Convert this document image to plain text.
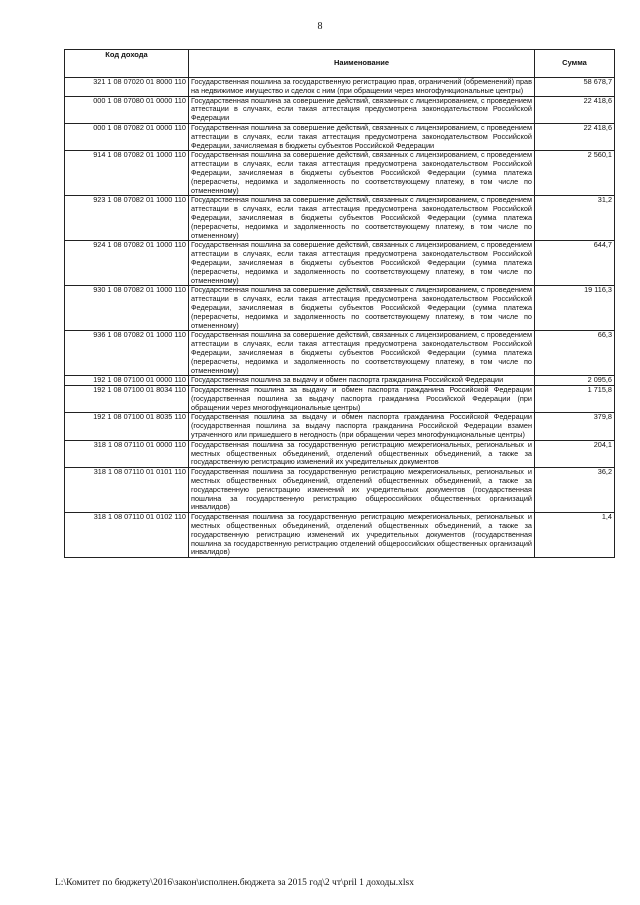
8
Код дохода	Наименование	Сумма
321 1 08 07020 01 8000 110	Государственная пошлина за государственную регистрацию прав, ограничений (обременений) прав на недвижимое имущество и сделок с ним (при обращении через многофункциональные центры)	58 678,7
000 1 08 07080 01 0000 110	Государственная пошлина за совершение действий, связанных с лицензированием, с проведением аттестации в случаях, если такая аттестация предусмотрена законодательством Российской Федерации	22 418,6
000 1 08 07082 01 0000 110	Государственная пошлина за совершение действий, связанных с лицензированием, с проведением аттестации в случаях, если такая аттестация предусмотрена законодательством Российской Федерации, зачисляемая в бюджеты субъектов Российской Федерации	22 418,6
914 1 08 07082 01 1000 110	Государственная пошлина за совершение действий, связанных с лицензированием, с проведением аттестации в случаях, если такая аттестация предусмотрена законодательством Российской Федерации, зачисляемая в бюджеты субъектов Российской Федерации (сумма платежа (перерасчеты, недоимка и задолженность по соответствующему платежу, в том числе по отмененному)	2 560,1
923 1 08 07082 01 1000 110	Государственная пошлина за совершение действий, связанных с лицензированием, с проведением аттестации в случаях, если такая аттестация предусмотрена законодательством Российской Федерации, зачисляемая в бюджеты субъектов Российской Федерации (сумма платежа (перерасчеты, недоимка и задолженность по соответствующему платежу, в том числе по отмененному)	31,2
924 1 08 07082 01 1000 110	Государственная пошлина за совершение действий, связанных с лицензированием, с проведением аттестации в случаях, если такая аттестация предусмотрена законодательством Российской Федерации, зачисляемая в бюджеты субъектов Российской Федерации (сумма платежа (перерасчеты, недоимка и задолженность по соответствующему платежу, в том числе по отмененному)	644,7
930 1 08 07082 01 1000 110	Государственная пошлина за совершение действий, связанных с лицензированием, с проведением аттестации в случаях, если такая аттестация предусмотрена законодательством Российской Федерации, зачисляемая в бюджеты субъектов Российской Федерации (сумма платежа (перерасчеты, недоимка и задолженность по соответствующему платежу, в том числе по отмененному)	19 116,3
936 1 08 07082 01 1000 110	Государственная пошлина за совершение действий, связанных с лицензированием, с проведением аттестации в случаях, если такая аттестация предусмотрена законодательством Российской Федерации, зачисляемая в бюджеты субъектов Российской Федерации (сумма платежа (перерасчеты, недоимка и задолженность по соответствующему платежу, в том числе по отмененному)	66,3
192 1 08 07100 01 0000 110	Государственная пошлина за выдачу и обмен паспорта гражданина Российской Федерации	2 095,6
192 1 08 07100 01 8034 110	Государственная пошлина за выдачу и обмен паспорта гражданина Российской Федерации (государственная пошлина за выдачу паспорта гражданина Российской Федерации (при обращении через многофункциональные центры)	1 715,8
192 1 08 07100 01 8035 110	Государственная пошлина за выдачу и обмен паспорта гражданина Российской Федерации (государственная пошлина за выдачу паспорта гражданина Российской Федерации взамен утраченного или пришедшего в негодность (при обращении через многофункциональные центры)	379,8
318 1 08 07110 01 0000 110	Государственная пошлина за государственную регистрацию межрегиональных, региональных и местных общественных объединений, отделений общественных объединений, а также за государственную регистрацию изменений их учредительных документов	204,1
318 1 08 07110 01 0101 110	Государственная пошлина за государственную регистрацию межрегиональных, региональных и местных общественных объединений, отделений общественных объединений, а также за государственную регистрацию изменений их учредительных документов (государственная пошлина за государственную регистрацию общероссийских общественных организаций инвалидов)	36,2
318 1 08 07110 01 0102 110	Государственная пошлина за государственную регистрацию межрегиональных, региональных и местных общественных объединений, отделений общественных объединений, а также за государственную регистрацию изменений их учредительных документов (государственная пошлина за государственную регистрацию отделений общероссийских общественных организаций инвалидов)	1,4
L:\Комитет по бюджету\2016\закон\исполнен.бюджета за 2015 год\2 чт\pril 1 доходы.xlsx
